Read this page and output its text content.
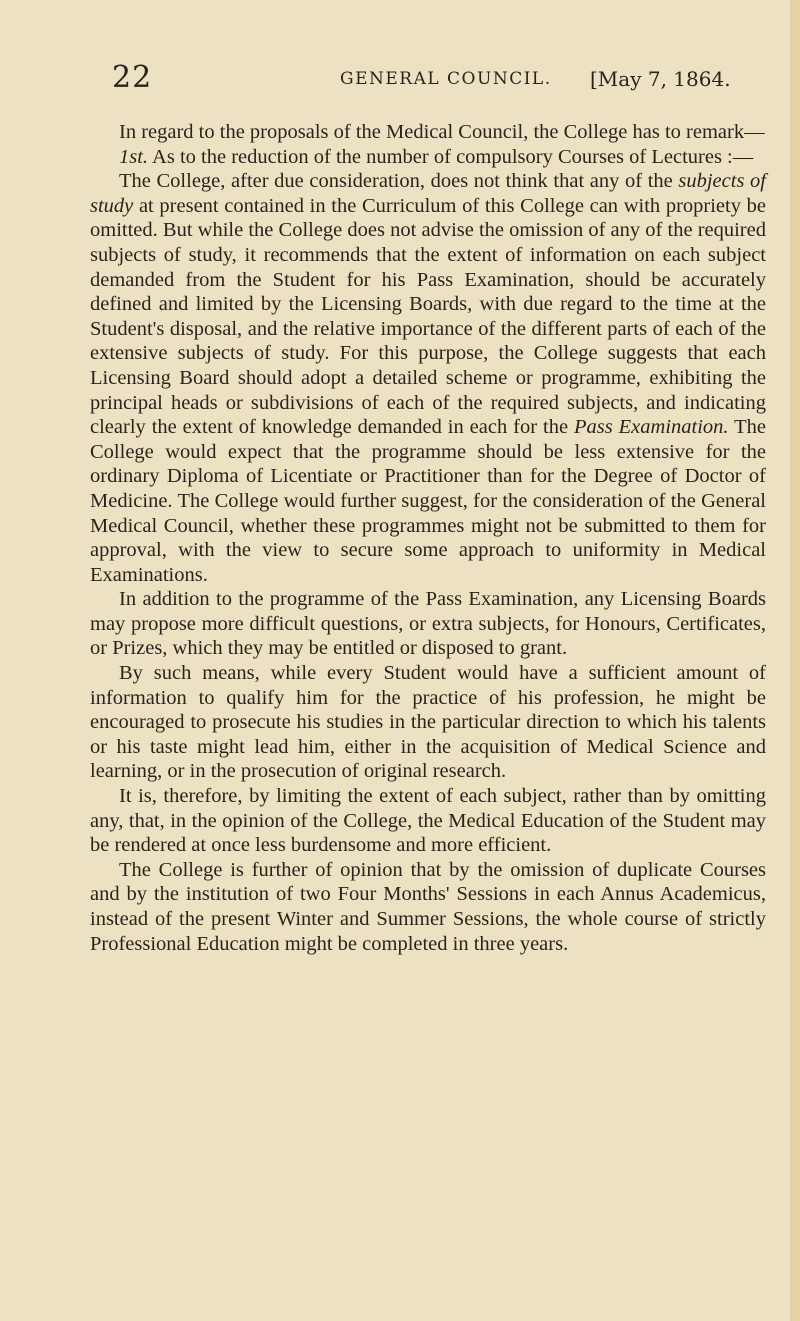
22	GENERAL COUNCIL. [May 7, 1864.

In regard to the proposals of the Medical Council, the College has to remark—

1st. As to the reduction of the number of compulsory Courses of Lectures :—

The College, after due consideration, does not think that any of the subjects of study at present contained in the Curriculum of this College can with propriety be omitted. But while the College does not advise the omission of any of the required subjects of study, it recommends that the extent of information on each subject demanded from the Student for his Pass Examination, should be accurately defined and limited by the Licensing Boards, with due regard to the time at the Student's disposal, and the relative importance of the different parts of each of the extensive subjects of study. For this purpose, the College suggests that each Licensing Board should adopt a detailed scheme or programme, exhibiting the principal heads or subdivisions of each of the required subjects, and indicating clearly the extent of knowledge demanded in each for the Pass Examination. The College would expect that the programme should be less extensive for the ordinary Diploma of Licentiate or Practitioner than for the Degree of Doctor of Medicine. The College would further suggest, for the consideration of the General Medical Council, whether these programmes might not be submitted to them for approval, with the view to secure some approach to uniformity in Medical Examinations.

In addition to the programme of the Pass Examination, any Licensing Boards may propose more difficult questions, or extra subjects, for Honours, Certificates, or Prizes, which they may be entitled or disposed to grant.

By such means, while every Student would have a sufficient amount of information to qualify him for the practice of his profession, he might be encouraged to prosecute his studies in the particular direction to which his talents or his taste might lead him, either in the acquisition of Medical Science and learning, or in the prosecution of original research.

It is, therefore, by limiting the extent of each subject, rather than by omitting any, that, in the opinion of the College, the Medical Education of the Student may be rendered at once less burdensome and more efficient.

The College is further of opinion that by the omission of duplicate Courses and by the institution of two Four Months' Sessions in each Annus Academicus, instead of the present Winter and Summer Sessions, the whole course of strictly Professional Education might be completed in three years.
